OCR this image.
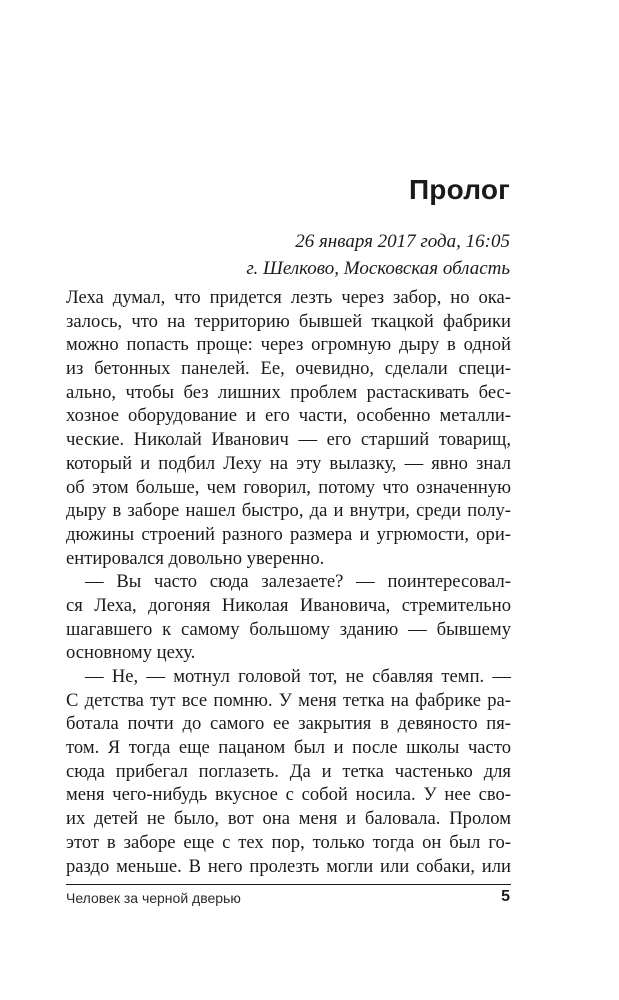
Пролог
26 января 2017 года, 16:05
г. Шелково, Московская область
Леха думал, что придется лезть через забор, но ока-
залось, что на территорию бывшей ткацкой фабрики
можно попасть проще: через огромную дыру в одной
из бетонных панелей. Ее, очевидно, сделали специ-
ально, чтобы без лишних проблем растаскивать бес-
хозное оборудование и его части, особенно металли-
ческие. Николай Иванович — его старший товарищ,
который и подбил Леху на эту вылазку, — явно знал
об этом больше, чем говорил, потому что означенную
дыру в заборе нашел быстро, да и внутри, среди полу-
дюжины строений разного размера и угрюмости, ори-
ентировался довольно уверенно.
— Вы часто сюда залезаете? — поинтересовал-
ся Леха, догоняя Николая Ивановича, стремительно
шагавшего к самому большому зданию — бывшему
основному цеху.
— Не, — мотнул головой тот, не сбавляя темп. —
С детства тут все помню. У меня тетка на фабрике ра-
ботала почти до самого ее закрытия в девяносто пя-
том. Я тогда еще пацаном был и после школы часто
сюда прибегал поглазеть. Да и тетка частенько для
меня чего-нибудь вкусное с собой носила. У нее сво-
их детей не было, вот она меня и баловала. Пролом
этот в заборе еще с тех пор, только тогда он был го-
раздо меньше. В него пролезть могли или собаки, или
Человек за черной дверью	5
